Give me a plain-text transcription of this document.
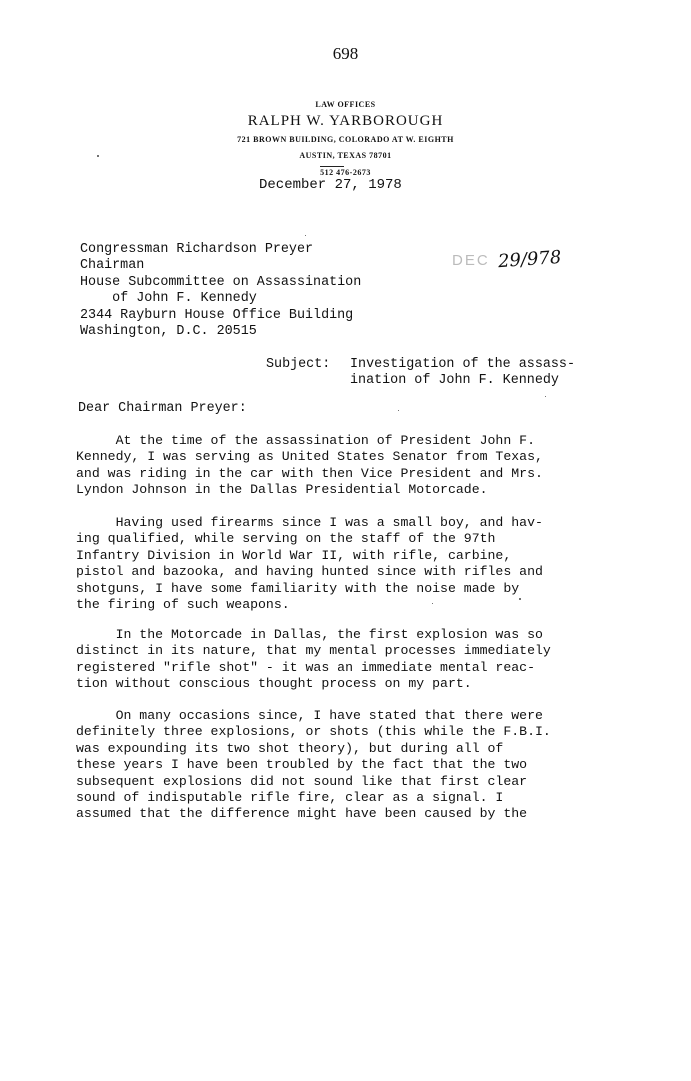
698
LAW OFFICES
RALPH W. YARBOROUGH
721 BROWN BUILDING, COLORADO AT W. EIGHTH
AUSTIN, TEXAS 78701
512 476-2673
December 27, 1978
Congressman Richardson Preyer
Chairman
House Subcommittee on Assassination
of John F. Kennedy
2344 Rayburn House Office Building
Washington, D.C. 20515
DEC 29/978
Subject: Investigation of the assass-
ination of John F. Kennedy
Dear Chairman Preyer:

At the time of the assassination of President John F.

Kennedy, I was serving as United States Senator from Texas,

and was riding in the car with then Vice President and Mrs.

Lyndon Johnson in the Dallas Presidential Motorcade.

Having used firearms since I was a small boy, and hav-

ing qualified, while serving on the staff of the 97th

Infantry Division in World War II, with rifle, carbine,

pistol and bazooka, and having hunted since with rifles and

shotguns, I have some familiarity with the noise made by

the firing of such weapons.

In the Motorcade in Dallas, the first explosion was so

distinct in its nature, that my mental processes immediately

registered "rifle shot" - it was an immediate mental reac-

tion without conscious thought process on my part.

On many occasions since, I have stated that there were

definitely three explosions, or shots (this while the F.B.I.

was expounding its two shot theory), but during all of

these years I have been troubled by the fact that the two

subsequent explosions did not sound like that first clear

sound of indisputable rifle fire, clear as a signal. I

assumed that the difference might have been caused by the
